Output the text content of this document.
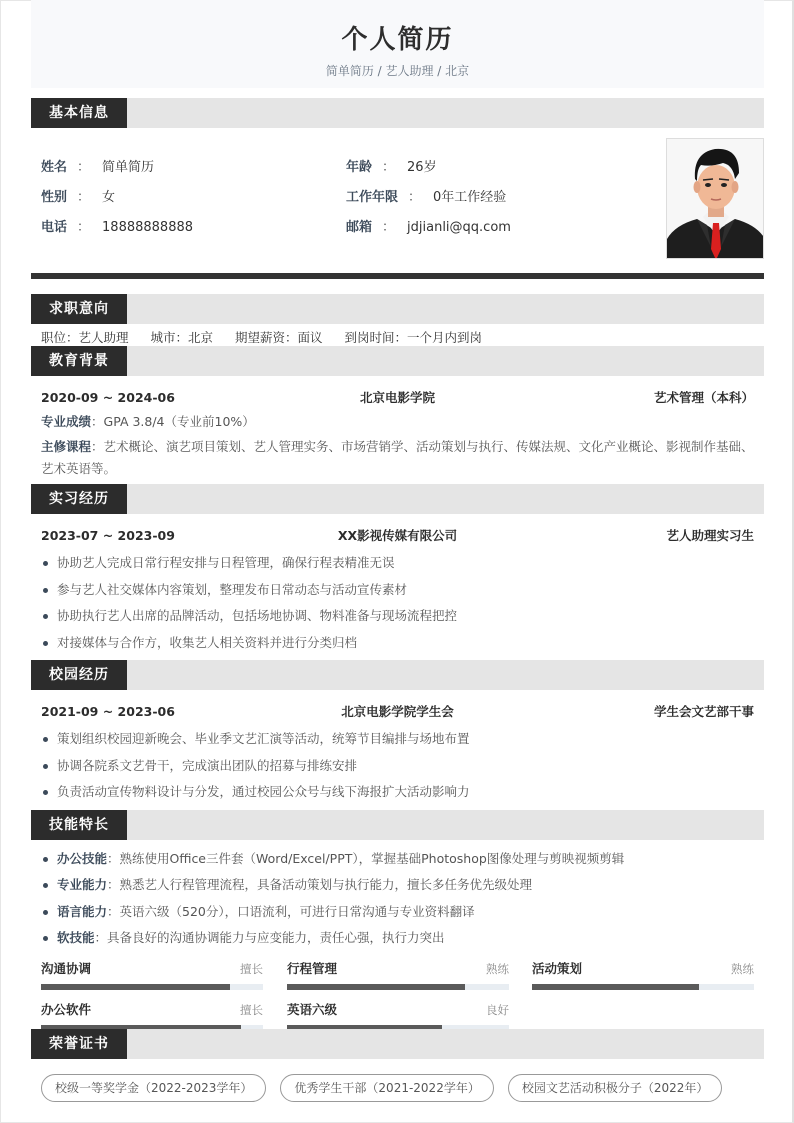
个人简历
简单简历 / 艺人助理 / 北京
基本信息
姓名 ： 简单简历
性别 ： 女
电话 ： 18888888888
年龄 ： 26岁
工作年限 ： 0年工作经验
邮箱 ： jdjianli@qq.com
求职意向
职位：艺人助理 城市：北京 期望薪资：面议 到岗时间：一个月内到岗
教育背景
2020-09 ~ 2024-06	北京电影学院	艺术管理（本科）
专业成绩：GPA 3.8/4（专业前10%）
主修课程：艺术概论、演艺项目策划、艺人管理实务、市场营销学、活动策划与执行、传媒法规、文化产业概论、影视制作基础、艺术英语等。
实习经历
2023-07 ~ 2023-09	XX影视传媒有限公司	艺人助理实习生
协助艺人完成日常行程安排与日程管理，确保行程表精准无误
参与艺人社交媒体内容策划，整理发布日常动态与活动宣传素材
协助执行艺人出席的品牌活动，包括场地协调、物料准备与现场流程把控
对接媒体与合作方，收集艺人相关资料并进行分类归档
校园经历
2021-09 ~ 2023-06	北京电影学院学生会	学生会文艺部干事
策划组织校园迎新晚会、毕业季文艺汇演等活动，统筹节目编排与场地布置
协调各院系文艺骨干，完成演出团队的招募与排练安排
负责活动宣传物料设计与分发，通过校园公众号与线下海报扩大活动影响力
技能特长
办公技能：熟练使用Office三件套（Word/Excel/PPT），掌握基础Photoshop图像处理与剪映视频剪辑
专业能力：熟悉艺人行程管理流程，具备活动策划与执行能力，擅长多任务优先级处理
语言能力：英语六级（520分），口语流利，可进行日常沟通与专业资料翻译
软技能：具备良好的沟通协调能力与应变能力，责任心强，执行力突出
沟通协调	擅长 行程管理	熟练 活动策划	熟练
办公软件	擅长 英语六级	良好
荣誉证书
校级一等奖学金（2022-2023学年）	优秀学生干部（2021-2022学年）	校园文艺活动积极分子（2022年）
